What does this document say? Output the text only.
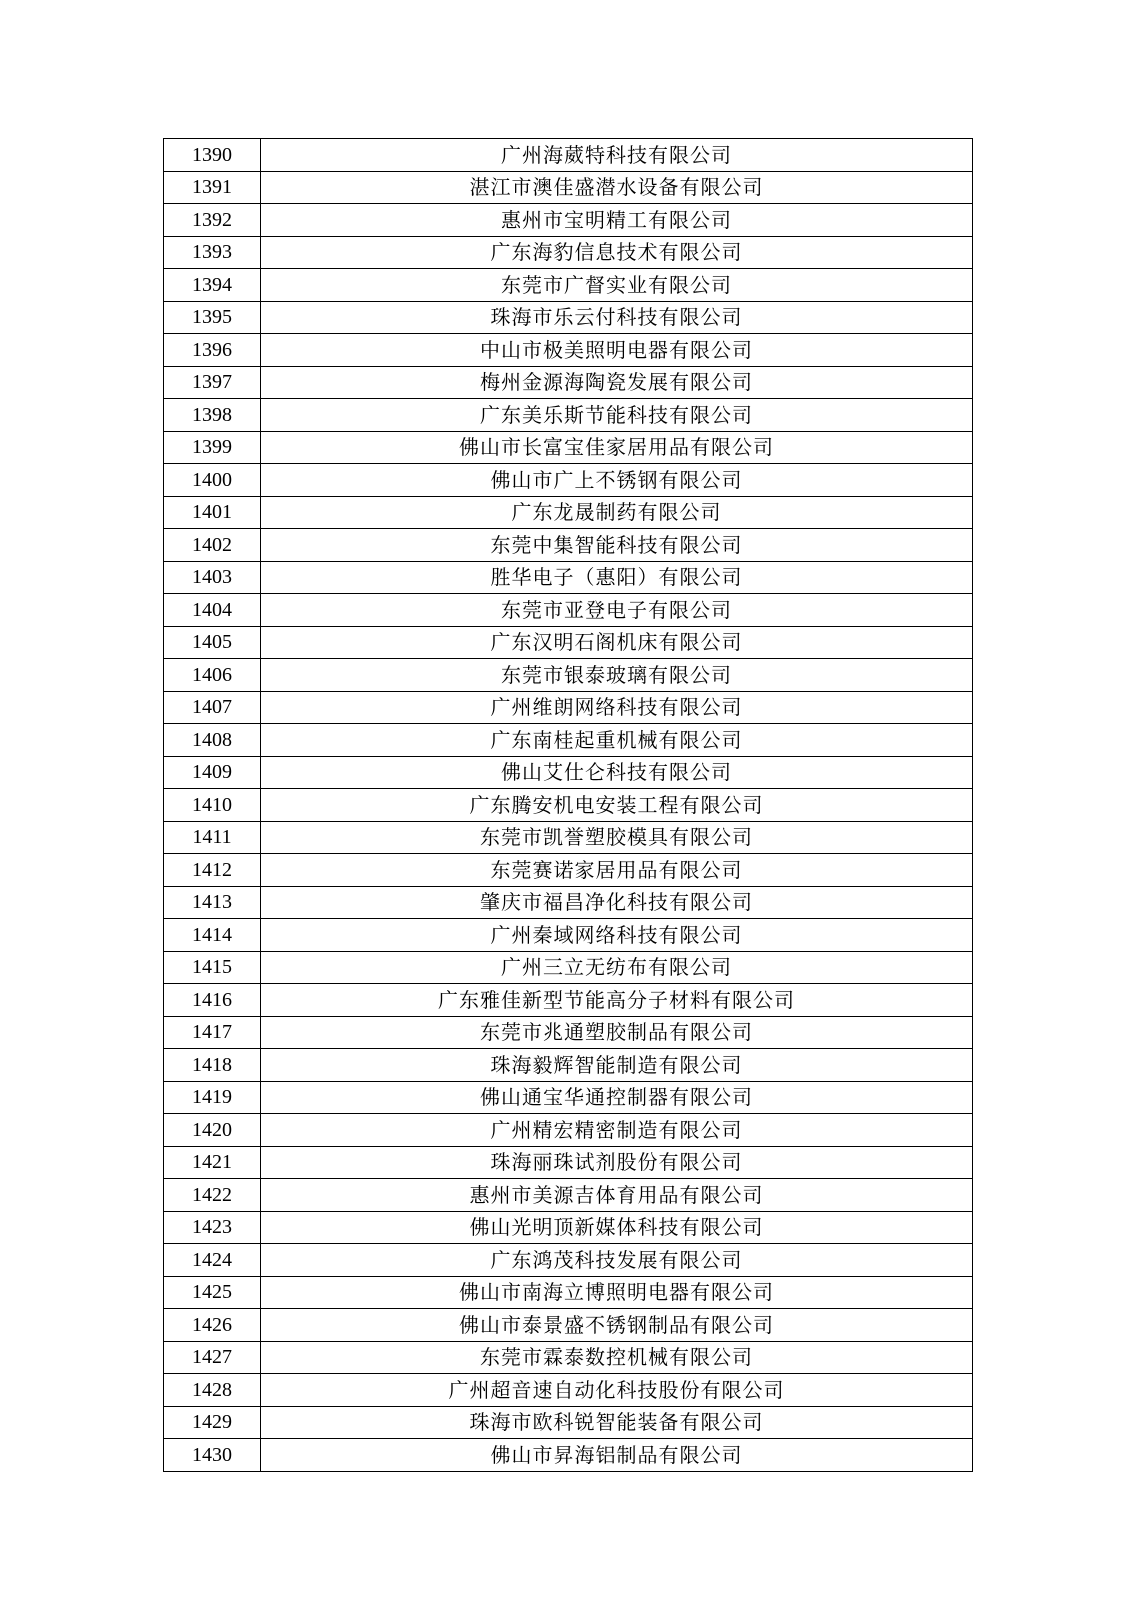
1390	广州海葳特科技有限公司
1391	湛江市澳佳盛潜水设备有限公司
1392	惠州市宝明精工有限公司
1393	广东海豹信息技术有限公司
1394	东莞市广督实业有限公司
1395	珠海市乐云付科技有限公司
1396	中山市极美照明电器有限公司
1397	梅州金源海陶瓷发展有限公司
1398	广东美乐斯节能科技有限公司
1399	佛山市长富宝佳家居用品有限公司
1400	佛山市广上不锈钢有限公司
1401	广东龙晟制药有限公司
1402	东莞中集智能科技有限公司
1403	胜华电子（惠阳）有限公司
1404	东莞市亚登电子有限公司
1405	广东汉明石阁机床有限公司
1406	东莞市银泰玻璃有限公司
1407	广州维朗网络科技有限公司
1408	广东南桂起重机械有限公司
1409	佛山艾仕仑科技有限公司
1410	广东腾安机电安装工程有限公司
1411	东莞市凯誉塑胶模具有限公司
1412	东莞赛诺家居用品有限公司
1413	肇庆市福昌净化科技有限公司
1414	广州秦域网络科技有限公司
1415	广州三立无纺布有限公司
1416	广东雅佳新型节能高分子材料有限公司
1417	东莞市兆通塑胶制品有限公司
1418	珠海毅辉智能制造有限公司
1419	佛山通宝华通控制器有限公司
1420	广州精宏精密制造有限公司
1421	珠海丽珠试剂股份有限公司
1422	惠州市美源吉体育用品有限公司
1423	佛山光明顶新媒体科技有限公司
1424	广东鸿茂科技发展有限公司
1425	佛山市南海立博照明电器有限公司
1426	佛山市泰景盛不锈钢制品有限公司
1427	东莞市霖泰数控机械有限公司
1428	广州超音速自动化科技股份有限公司
1429	珠海市欧科锐智能装备有限公司
1430	佛山市昇海铝制品有限公司
